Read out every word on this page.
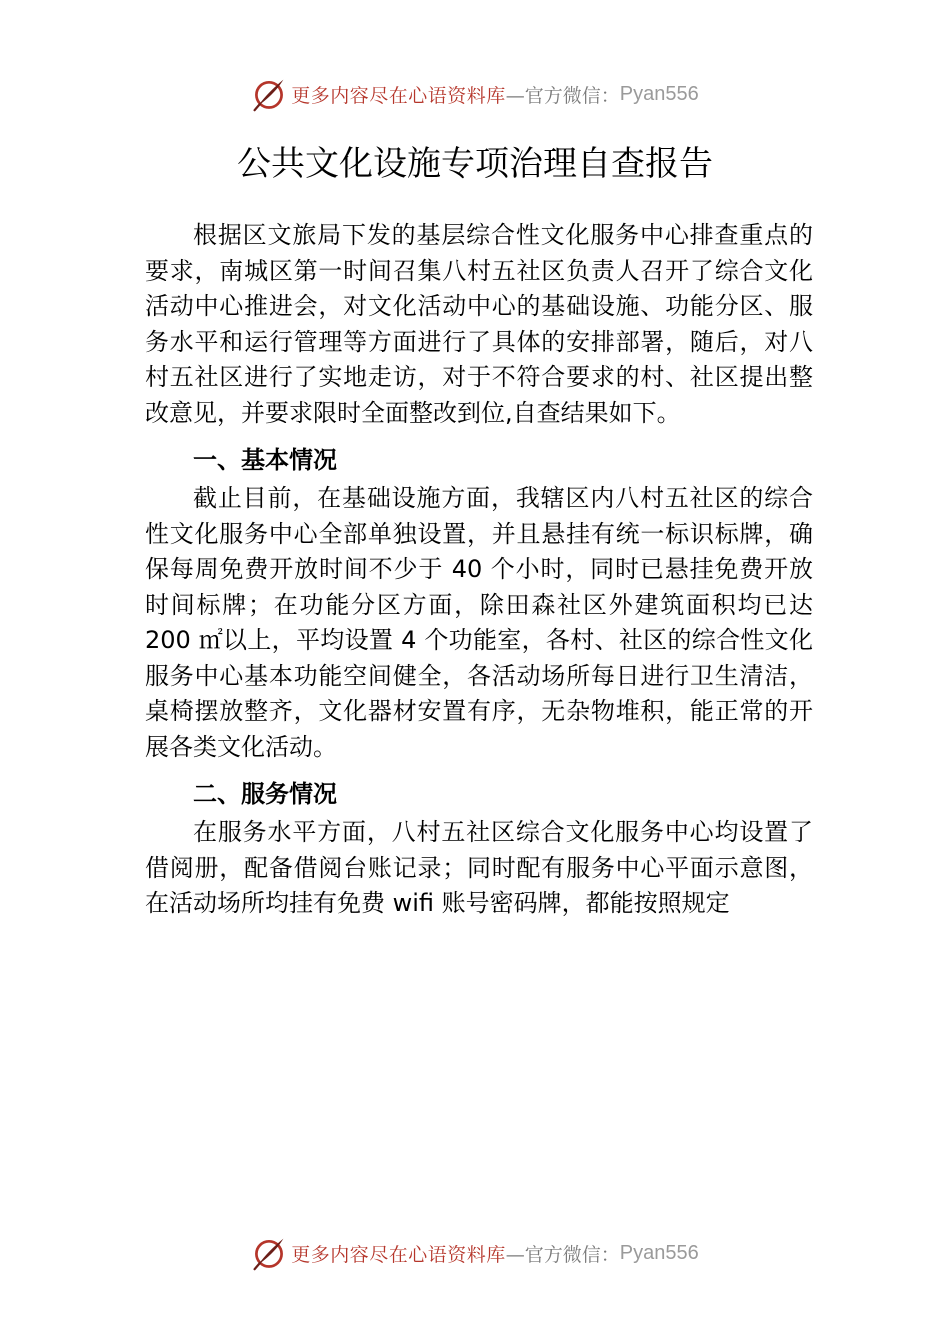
更多内容尽在心语资料库 —官方微信： Pyan556
公共文化设施专项治理自查报告

根据区文旅局下发的基层综合性文化服务中心排查重点的要求，南城区第一时间召集八村五社区负责人召开了综合文化活动中心推进会，对文化活动中心的基础设施、功能分区、服务水平和运行管理等方面进行了具体的安排部署，随后，对八村五社区进行了实地走访，对于不符合要求的村、社区提出整改意见，并要求限时全面整改到位,自查结果如下。

一、基本情况

截止目前，在基础设施方面，我辖区内八村五社区的综合性文化服务中心全部单独设置，并且悬挂有统一标识标牌，确保每周免费开放时间不少于 40 个小时，同时已悬挂免费开放时间标牌；在功能分区方面，除田森社区外建筑面积均已达 200 ㎡以上，平均设置 4 个功能室，各村、社区的综合性文化服务中心基本功能空间健全，各活动场所每日进行卫生清洁，桌椅摆放整齐，文化器材安置有序，无杂物堆积，能正常的开展各类文化活动。

二、服务情况

在服务水平方面，八村五社区综合文化服务中心均设置了借阅册，配备借阅台账记录；同时配有服务中心平面示意图，在活动场所均挂有免费 wifi 账号密码牌，都能按照规定

更多内容尽在心语资料库 —官方微信： Pyan556
